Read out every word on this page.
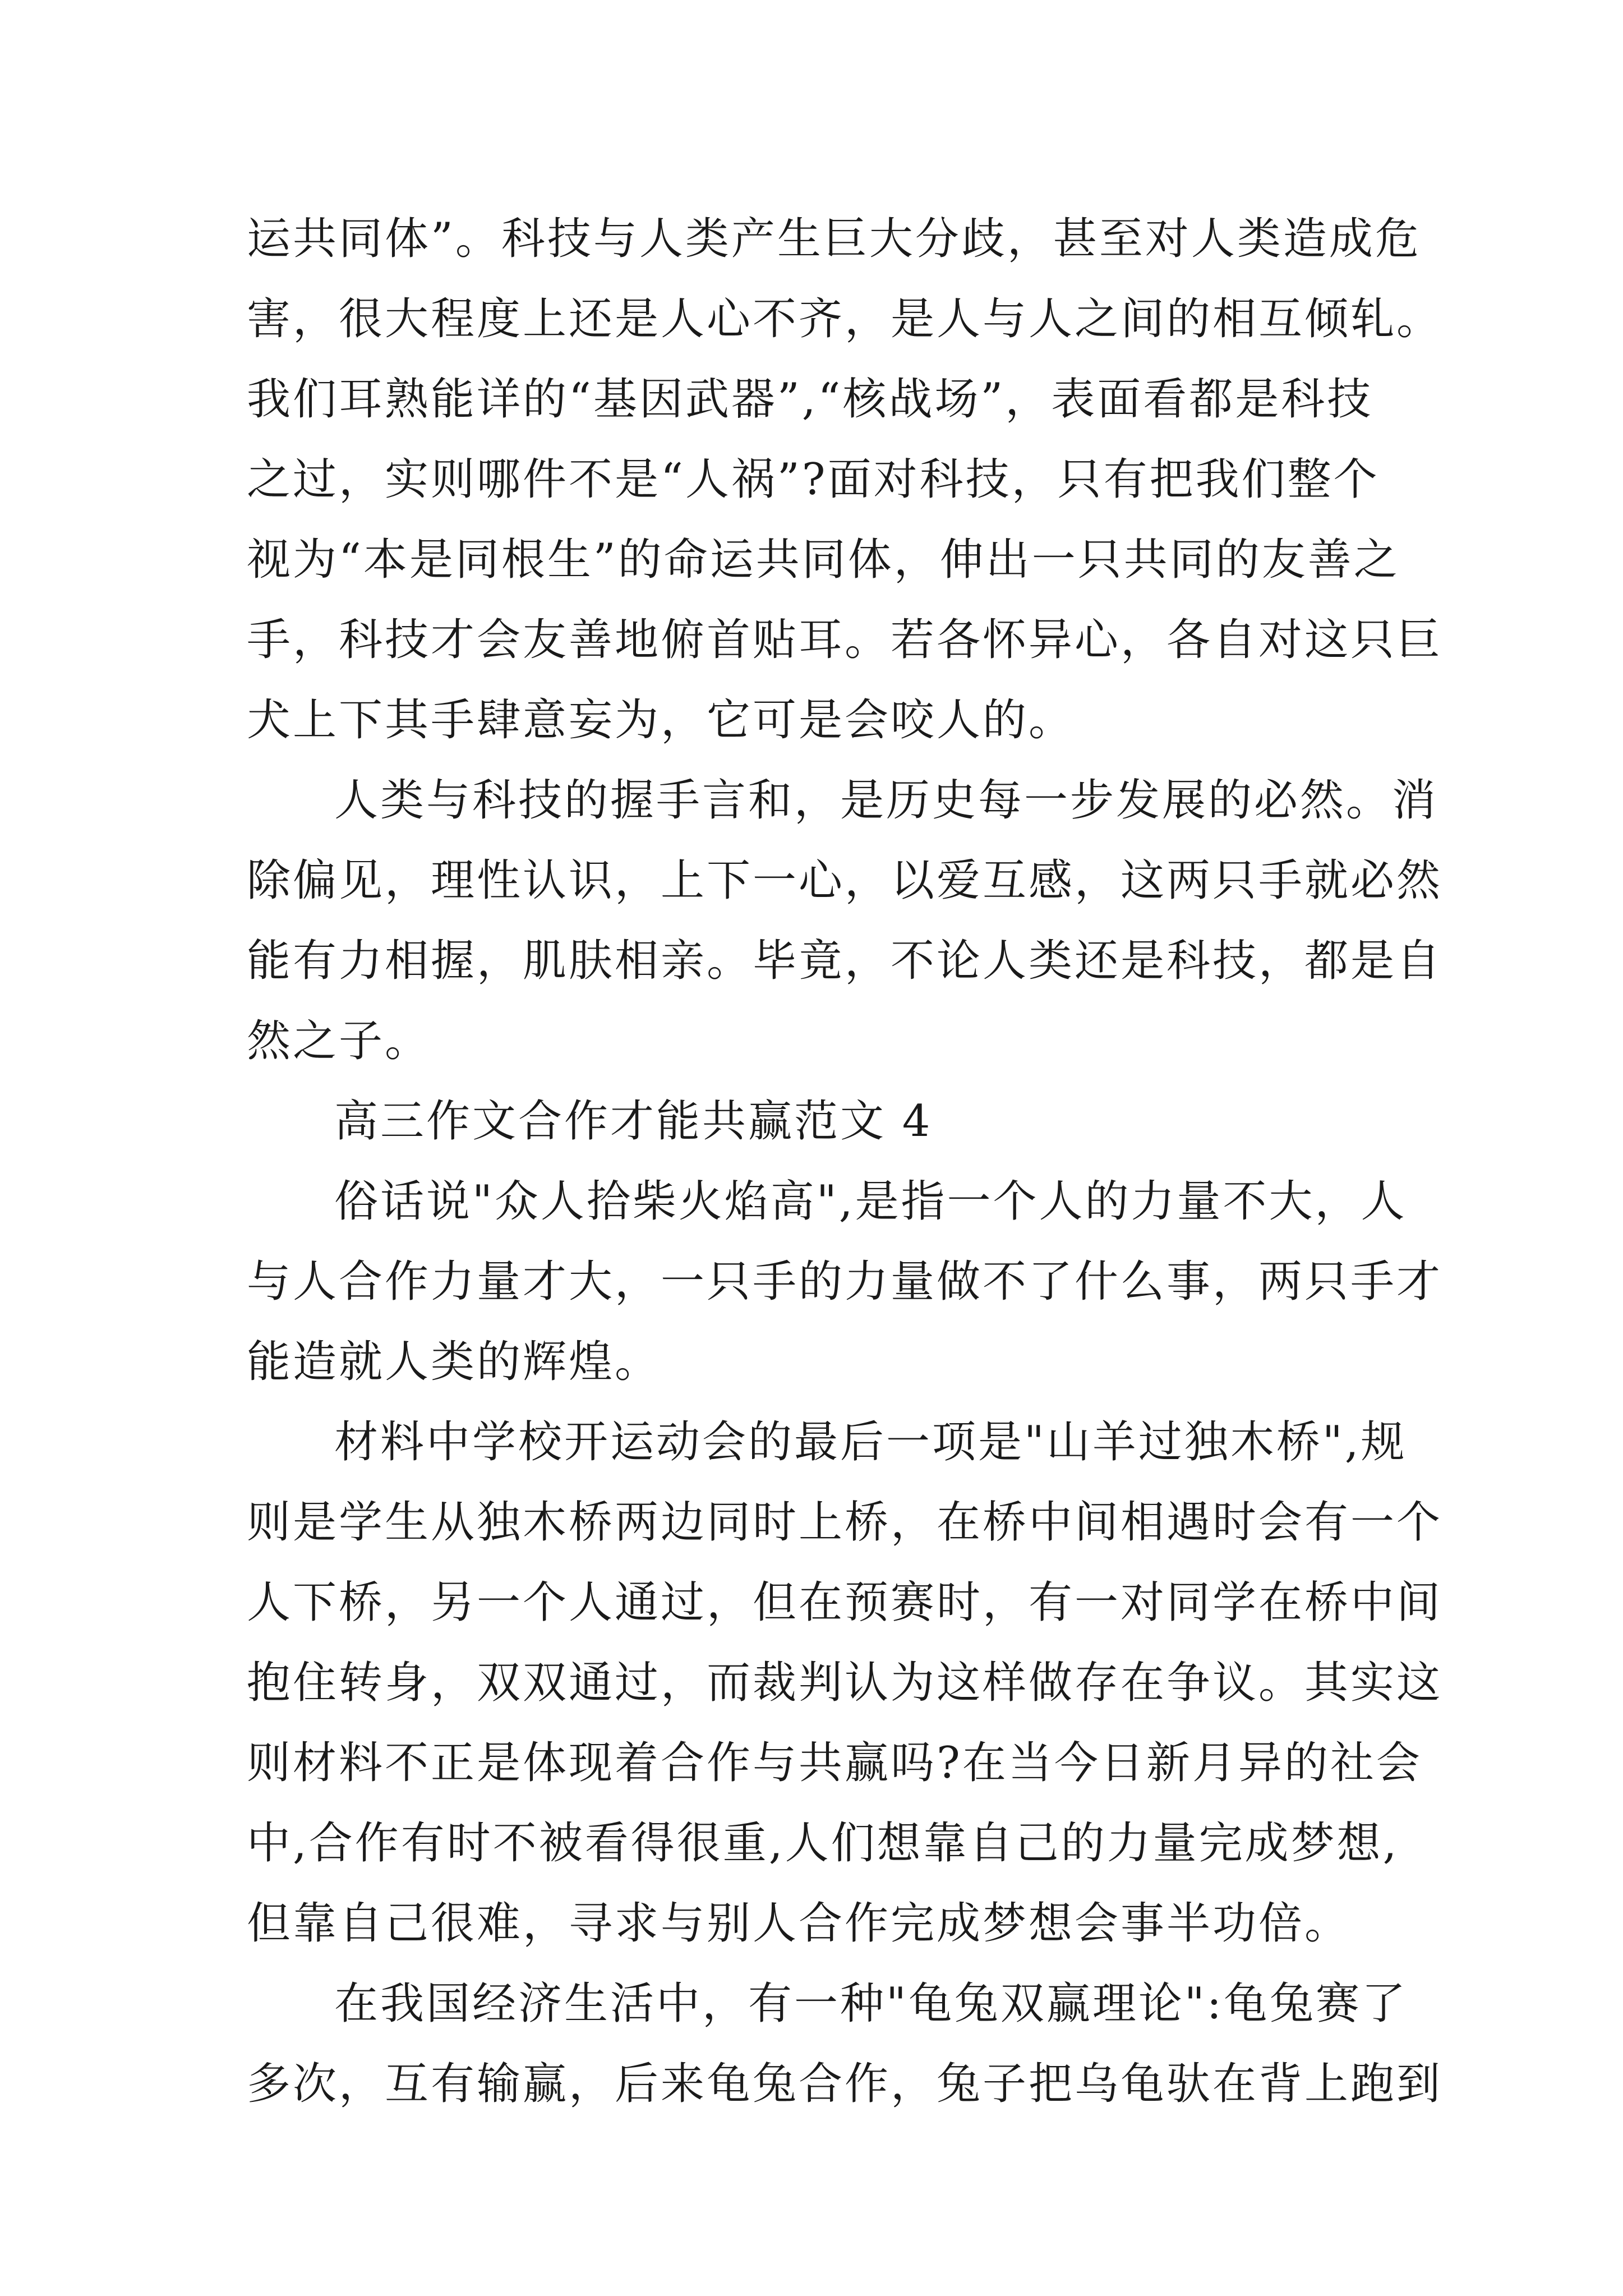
运共同体”。科技与人类产生巨大分歧，甚至对人类造成危
害，很大程度上还是人心不齐，是人与人之间的相互倾轧。
我们耳熟能详的“基因武器”,“核战场”，表面看都是科技
之过，实则哪件不是“人祸”?面对科技，只有把我们整个
视为“本是同根生”的命运共同体，伸出一只共同的友善之
手，科技才会友善地俯首贴耳。若各怀异心，各自对这只巨
犬上下其手肆意妄为，它可是会咬人的。
人类与科技的握手言和，是历史每一步发展的必然。消
除偏见，理性认识，上下一心，以爱互感，这两只手就必然
能有力相握，肌肤相亲。毕竟，不论人类还是科技，都是自
然之子。
高三作文合作才能共赢范文 4
俗话说"众人拾柴火焰高",是指一个人的力量不大，人
与人合作力量才大，一只手的力量做不了什么事，两只手才
能造就人类的辉煌。
材料中学校开运动会的最后一项是"山羊过独木桥",规
则是学生从独木桥两边同时上桥，在桥中间相遇时会有一个
人下桥，另一个人通过，但在预赛时，有一对同学在桥中间
抱住转身，双双通过，而裁判认为这样做存在争议。其实这
则材料不正是体现着合作与共赢吗?在当今日新月异的社会
中,合作有时不被看得很重,人们想靠自己的力量完成梦想,
但靠自己很难，寻求与别人合作完成梦想会事半功倍。
在我国经济生活中，有一种"龟兔双赢理论":龟兔赛了
多次，互有输赢，后来龟兔合作，兔子把乌龟驮在背上跑到
